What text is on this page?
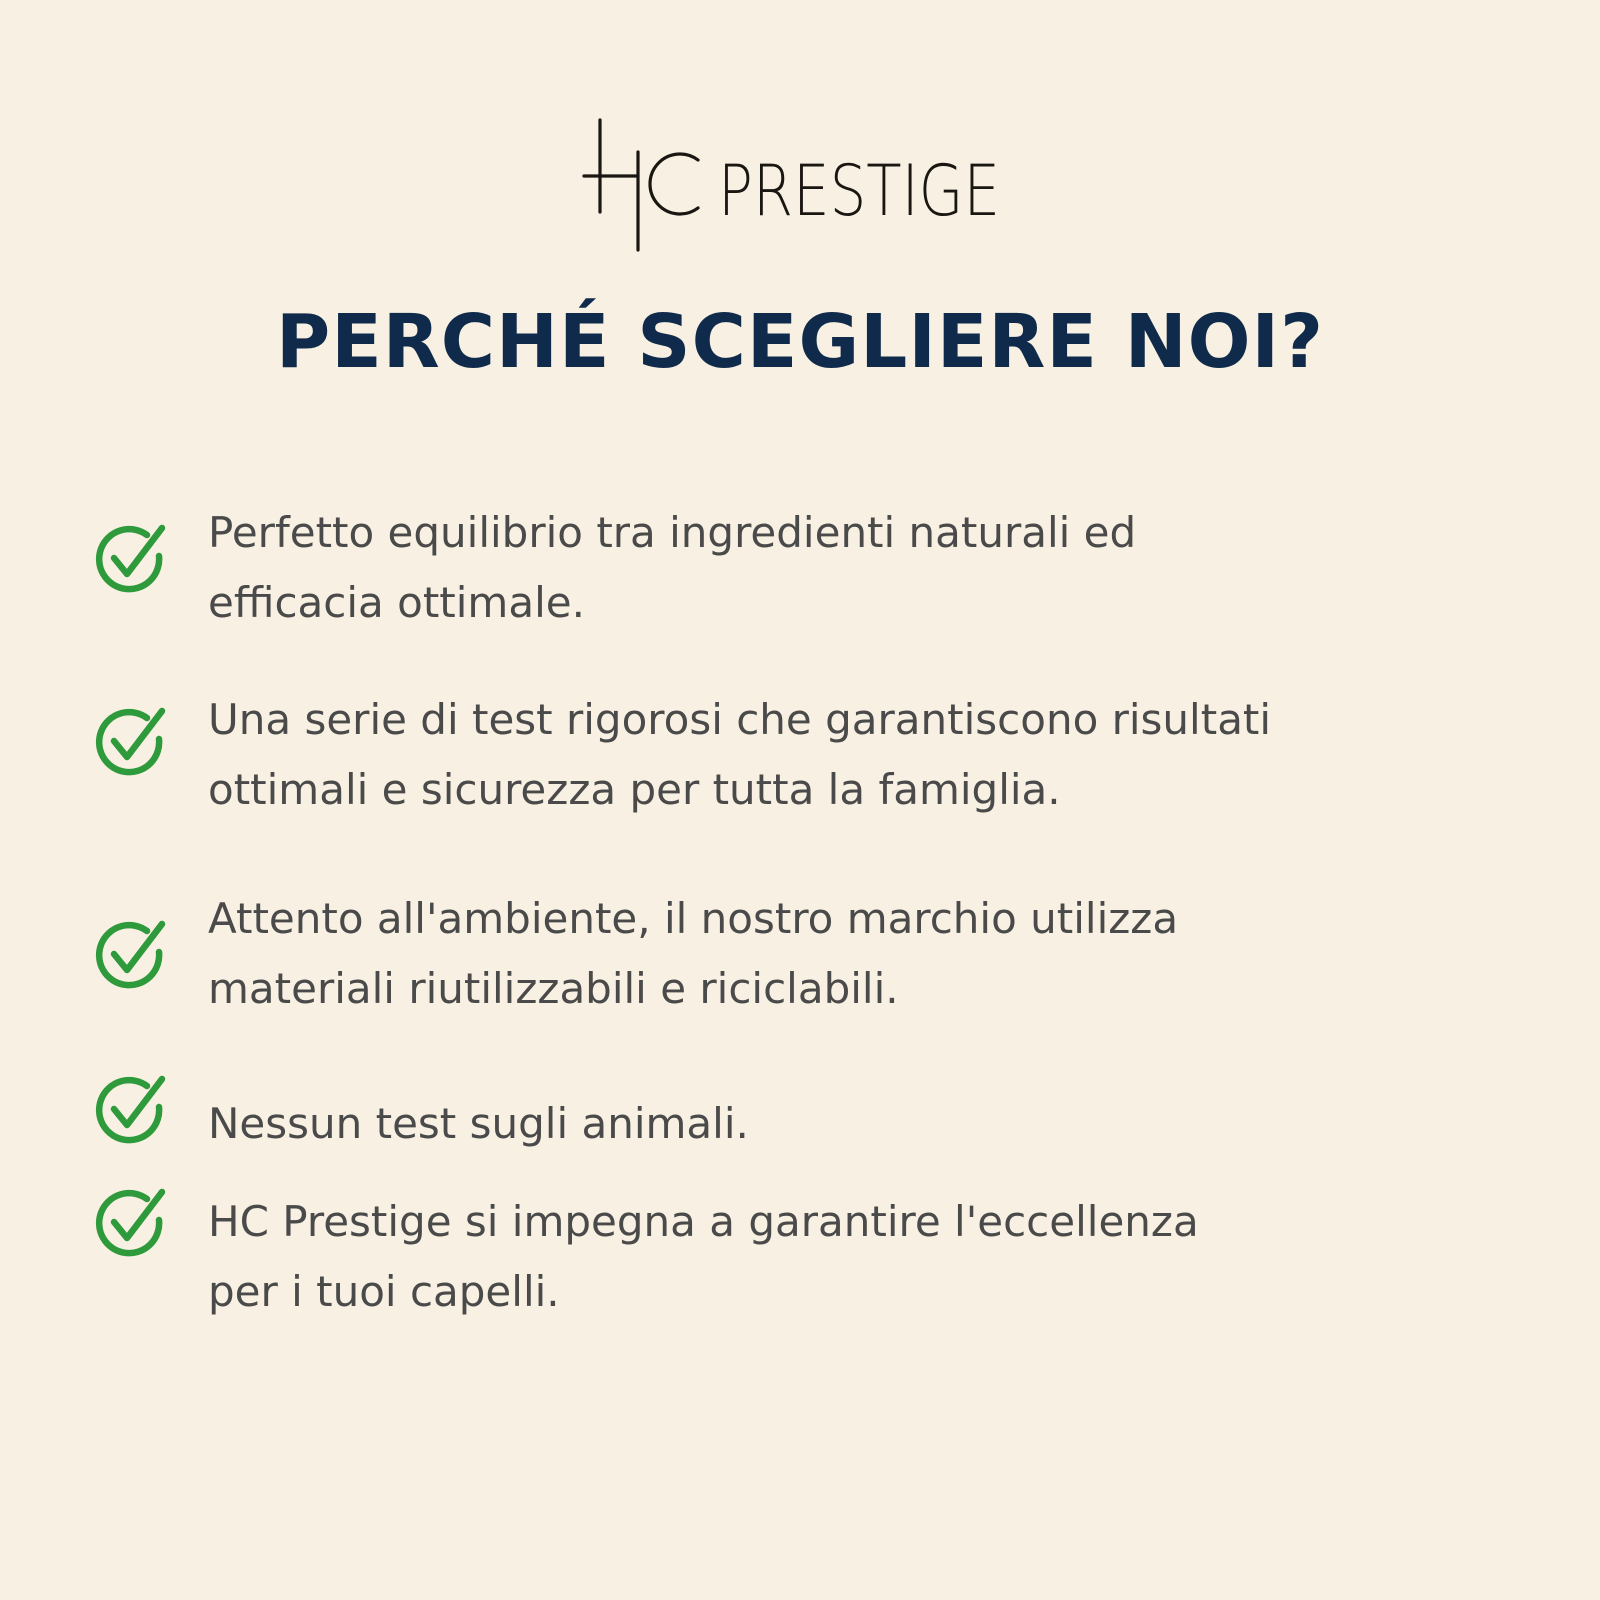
PRESTIGE
PERCHÉ SCEGLIERE NOI?
Perfetto equilibrio tra ingredienti naturali ed
efficacia ottimale.
Una serie di test rigorosi che garantiscono risultati
ottimali e sicurezza per tutta la famiglia.
Attento all'ambiente, il nostro marchio utilizza
materiali riutilizzabili e riciclabili.
Nessun test sugli animali.
HC Prestige si impegna a garantire l'eccellenza
per i tuoi capelli.
